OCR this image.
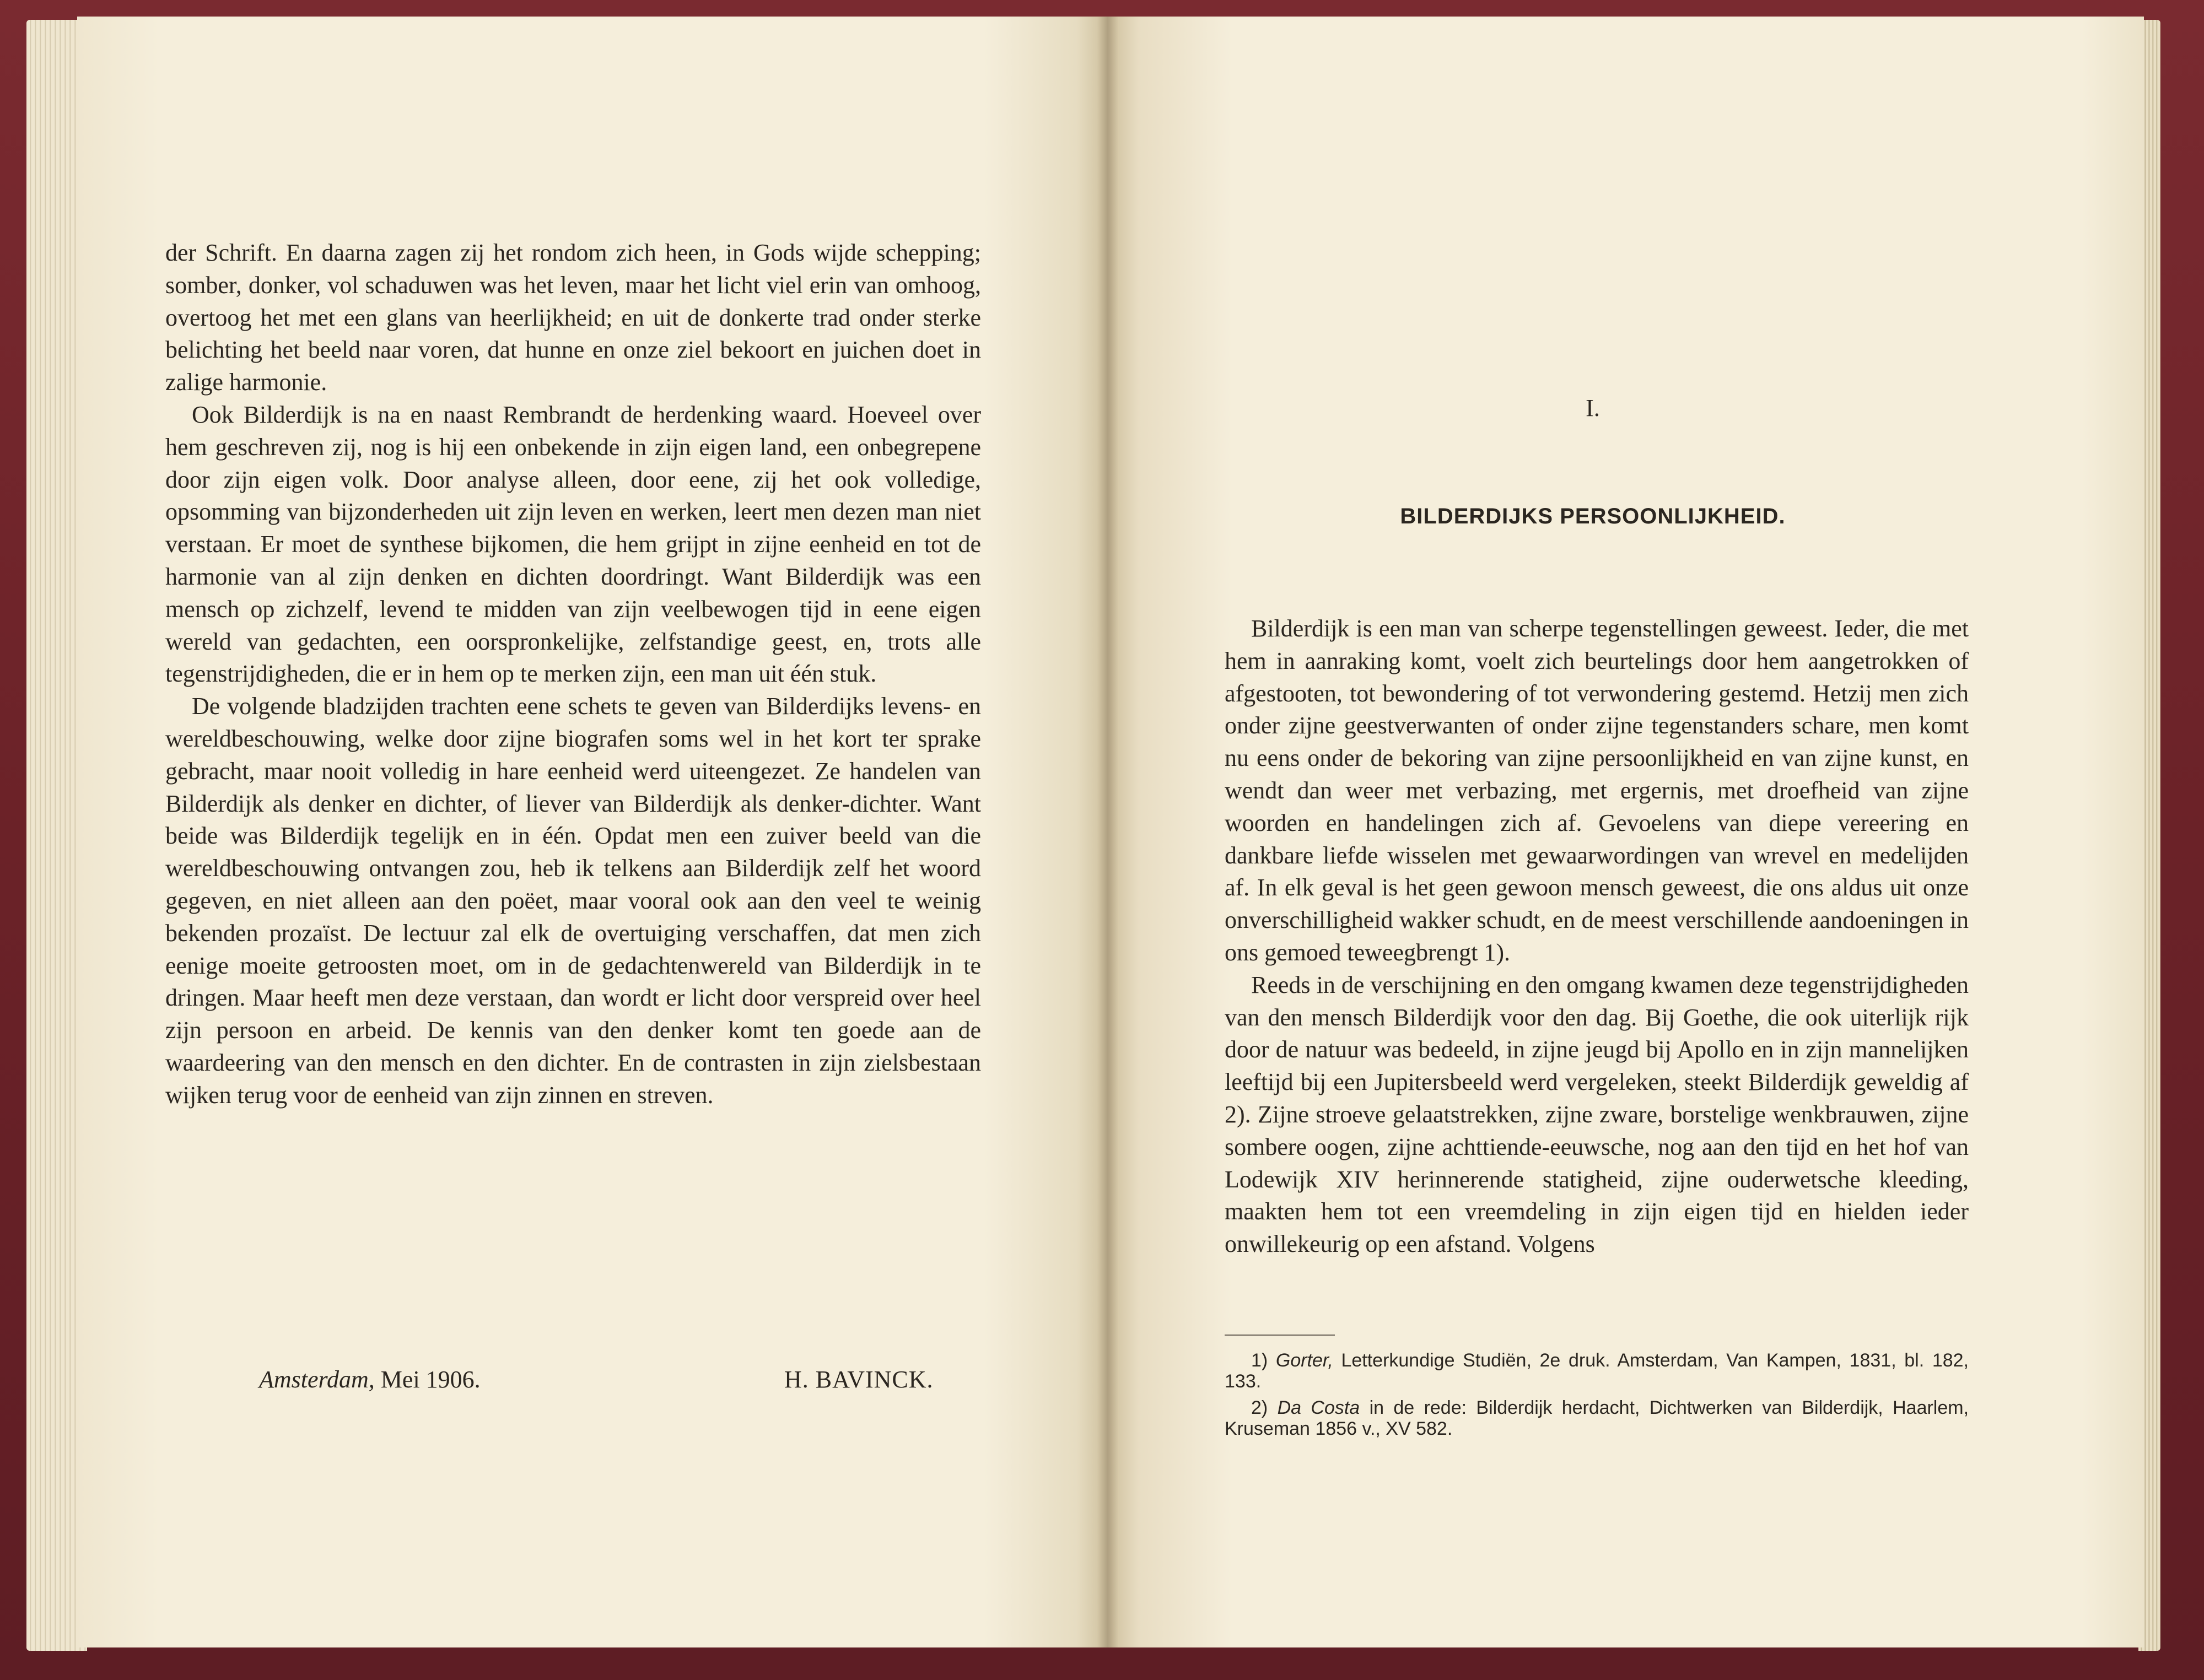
der Schrift. En daarna zagen zij het rondom zich heen, in Gods wijde schepping; somber, donker, vol schaduwen was het leven, maar het licht viel erin van omhoog, overtoog het met een glans van heerlijkheid; en uit de donkerte trad onder sterke belichting het beeld naar voren, dat hunne en onze ziel bekoort en juichen doet in zalige harmonie.

Ook Bilderdijk is na en naast Rembrandt de herdenking waard. Hoeveel over hem geschreven zij, nog is hij een onbekende in zijn eigen land, een onbegrepene door zijn eigen volk. Door analyse alleen, door eene, zij het ook volledige, opsomming van bijzonderheden uit zijn leven en werken, leert men dezen man niet verstaan. Er moet de synthese bijkomen, die hem grijpt in zijne eenheid en tot de harmonie van al zijn denken en dichten doordringt. Want Bilderdijk was een mensch op zichzelf, levend te midden van zijn veelbewogen tijd in eene eigen wereld van gedachten, een oorspronkelijke, zelfstandige geest, en, trots alle tegenstrijdigheden, die er in hem op te merken zijn, een man uit één stuk.

De volgende bladzijden trachten eene schets te geven van Bilderdijks levens- en wereldbeschouwing, welke door zijne biografen soms wel in het kort ter sprake gebracht, maar nooit volledig in hare eenheid werd uiteengezet. Ze handelen van Bilderdijk als denker en dichter, of liever van Bilderdijk als denker-dichter. Want beide was Bilderdijk tegelijk en in één. Opdat men een zuiver beeld van die wereldbeschouwing ontvangen zou, heb ik telkens aan Bilderdijk zelf het woord gegeven, en niet alleen aan den poëet, maar vooral ook aan den veel te weinig bekenden prozaïst. De lectuur zal elk de overtuiging verschaffen, dat men zich eenige moeite getroosten moet, om in de gedachtenwereld van Bilderdijk in te dringen. Maar heeft men deze verstaan, dan wordt er licht door verspreid over heel zijn persoon en arbeid. De kennis van den denker komt ten goede aan de waardeering van den mensch en den dichter. En de contrasten in zijn zielsbestaan wijken terug voor de eenheid van zijn zinnen en streven.

Amsterdam, Mei 1906.	H. BAVINCK.
I.
BILDERDIJKS PERSOONLIJKHEID.

Bilderdijk is een man van scherpe tegenstellingen geweest. Ieder, die met hem in aanraking komt, voelt zich beurtelings door hem aangetrokken of afgestooten, tot bewondering of tot verwondering gestemd. Hetzij men zich onder zijne geestverwanten of onder zijne tegenstanders schare, men komt nu eens onder de bekoring van zijne persoonlijkheid en van zijne kunst, en wendt dan weer met verbazing, met ergernis, met droefheid van zijne woorden en handelingen zich af. Gevoelens van diepe vereering en dankbare liefde wisselen met gewaarwordingen van wrevel en medelijden af. In elk geval is het geen gewoon mensch geweest, die ons aldus uit onze onverschilligheid wakker schudt, en de meest verschillende aandoeningen in ons gemoed teweegbrengt 1).

Reeds in de verschijning en den omgang kwamen deze tegenstrijdigheden van den mensch Bilderdijk voor den dag. Bij Goethe, die ook uiterlijk rijk door de natuur was bedeeld, in zijne jeugd bij Apollo en in zijn mannelijken leeftijd bij een Jupitersbeeld werd vergeleken, steekt Bilderdijk geweldig af 2). Zijne stroeve gelaatstrekken, zijne zware, borstelige wenkbrauwen, zijne sombere oogen, zijne achttiende-eeuwsche, nog aan den tijd en het hof van Lodewijk XIV herinnerende statigheid, zijne ouderwetsche kleeding, maakten hem tot een vreemdeling in zijn eigen tijd en hielden ieder onwillekeurig op een afstand. Volgens

1) Gorter, Letterkundige Studiën, 2e druk. Amsterdam, Van Kampen, 1831, bl. 182, 133.

2) Da Costa in de rede: Bilderdijk herdacht, Dichtwerken van Bilderdijk, Haarlem, Kruseman 1856 v., XV 582.
